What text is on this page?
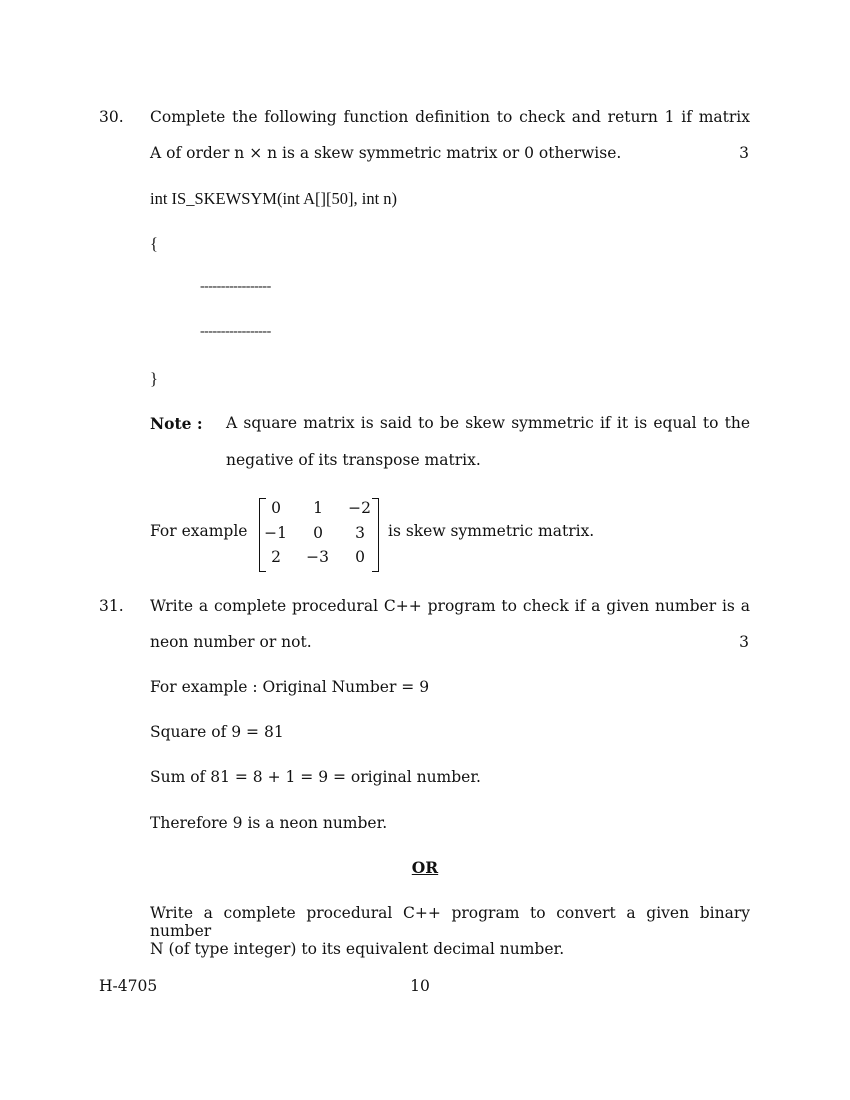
30. Complete the following function definition to check and return 1 if matrix
A of order n × n is a skew symmetric matrix or 0 otherwise.	3
int IS_SKEWSYM(int A[][50], int n)
{
-----------------
-----------------
}
Note : A square matrix is said to be skew symmetric if it is equal to the
negative of its transpose matrix.
For example
0	1	−2
−1	0	3
2	−3	0
is skew symmetric matrix.
31. Write a complete procedural C++ program to check if a given number is a
neon number or not.	3
For example : Original Number = 9
Square of 9 = 81
Sum of 81 = 8 + 1 = 9 = original number.
Therefore 9 is a neon number.
OR
Write a complete procedural C++ program to convert a given binary number
N (of type integer) to its equivalent decimal number.
H-4705	10
